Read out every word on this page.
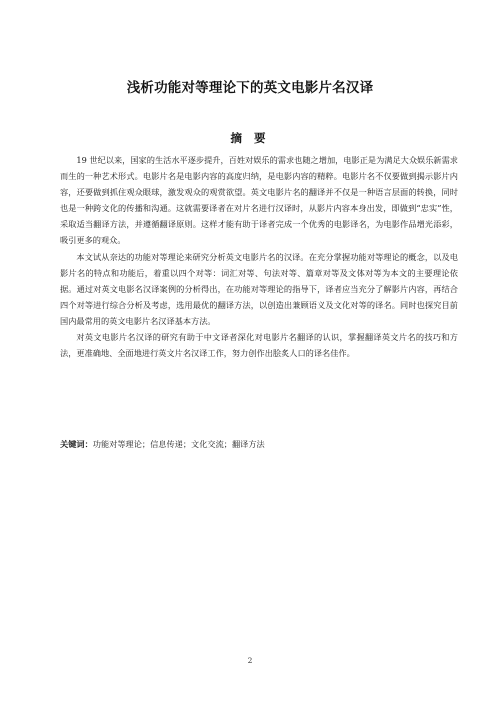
浅析功能对等理论下的英文电影片名汉译
摘 要

19 世纪以来，国家的生活水平逐步提升，百姓对娱乐的需求也随之增加，电影正是为满足大众娱乐新需求而生的一种艺术形式。电影片名是电影内容的高度归纳，是电影内容的精粹。电影片名不仅要做到揭示影片内容，还要做到抓住观众眼球，激发观众的观赏欲望。英文电影片名的翻译并不仅是一种语言层面的转换，同时也是一种跨文化的传播和沟通。这就需要译者在对片名进行汉译时，从影片内容本身出发，即做到“忠实”性，采取适当翻译方法，并遵循翻译原则。这样才能有助于译者完成一个优秀的电影译名，为电影作品增光添彩，吸引更多的观众。

本文试从奈达的功能对等理论来研究分析英文电影片名的汉译。在充分掌握功能对等理论的概念，以及电影片名的特点和功能后，着重以四个对等：词汇对等、句法对等、篇章对等及文体对等为本文的主要理论依据。通过对英文电影名汉译案例的分析得出，在功能对等理论的指导下，译者应当充分了解影片内容，再结合四个对等进行综合分析及考虑，选用最优的翻译方法，以创造出兼顾语义及文化对等的译名。同时也探究目前国内最常用的英文电影片名汉译基本方法。

对英文电影片名汉译的研究有助于中文译者深化对电影片名翻译的认识，掌握翻译英文片名的技巧和方法，更准确地、全面地进行英文片名汉译工作，努力创作出脍炙人口的译名佳作。

关键词：功能对等理论；信息传递；文化交流；翻译方法
2
